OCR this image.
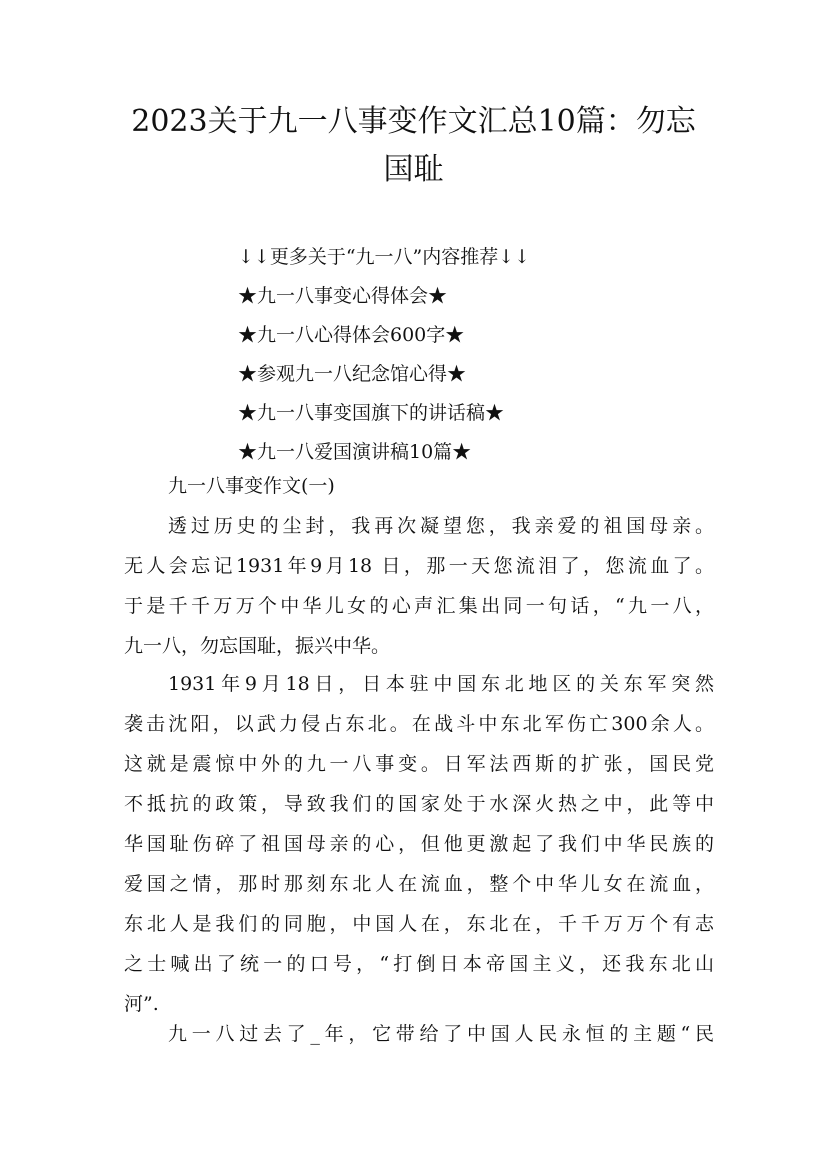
2023关于九一八事变作文汇总10篇：勿忘
国耻
↓↓更多关于“九一八”内容推荐↓↓
★九一八事变心得体会★
★九一八心得体会600字★
★参观九一八纪念馆心得★
★九一八事变国旗下的讲话稿★
★九一八爱国演讲稿10篇★
九一八事变作文(一)
透过历史的尘封，我再次凝望您，我亲爱的祖国母亲。
无人会忘记1931年9月18 日，那一天您流泪了，您流血了。
于是千千万万个中华儿女的心声汇集出同一句话，“九一八，
九一八，勿忘国耻，振兴中华。
1931年9月18日，日本驻中国东北地区的关东军突然
袭击沈阳，以武力侵占东北。在战斗中东北军伤亡300余人。
这就是震惊中外的九一八事变。日军法西斯的扩张，国民党
不抵抗的政策，导致我们的国家处于水深火热之中，此等中
华国耻伤碎了祖国母亲的心，但他更激起了我们中华民族的
爱国之情，那时那刻东北人在流血，整个中华儿女在流血，
东北人是我们的同胞，中国人在，东北在，千千万万个有志
之士喊出了统一的口号，“打倒日本帝国主义，还我东北山
河”.
九一八过去了_年，它带给了中国人民永恒的主题“民
